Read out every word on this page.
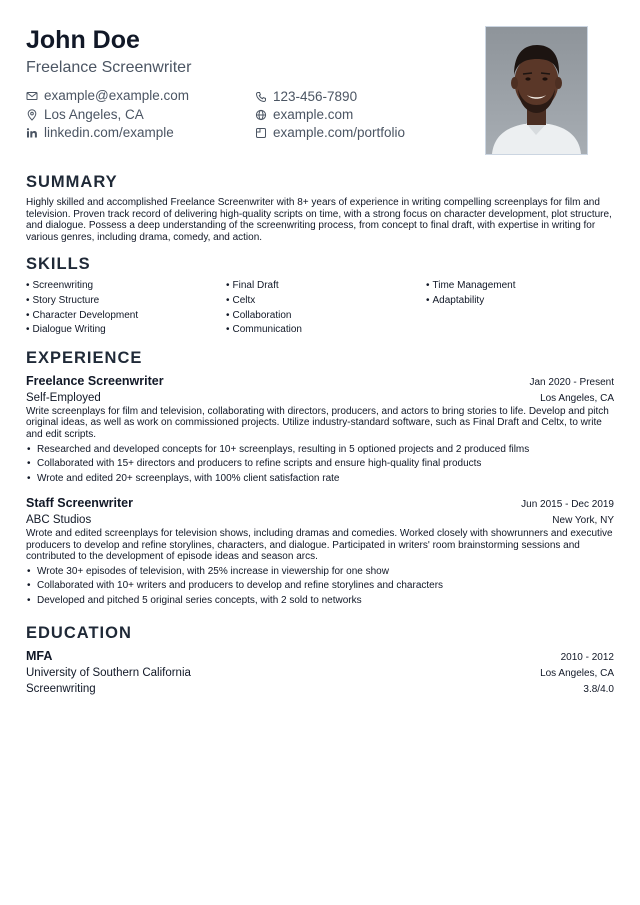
John Doe
Freelance Screenwriter
example@example.com	123-456-7890
Los Angeles, CA	example.com
linkedin.com/example	example.com/portfolio
SUMMARY
Highly skilled and accomplished Freelance Screenwriter with 8+ years of experience in writing compelling screenplays for film and television. Proven track record of delivering high-quality scripts on time, with a strong focus on character development, plot structure, and dialogue. Possess a deep understanding of the screenwriting process, from concept to final draft, with expertise in writing for various genres, including drama, comedy, and action.
SKILLS
• Screenwriting
• Story Structure
• Character Development
• Dialogue Writing
• Final Draft
• Celtx
• Collaboration
• Communication
• Time Management
• Adaptability
EXPERIENCE
Freelance Screenwriter	Jan 2020 - Present
Self-Employed	Los Angeles, CA
Write screenplays for film and television, collaborating with directors, producers, and actors to bring stories to life. Develop and pitch original ideas, as well as work on commissioned projects. Utilize industry-standard software, such as Final Draft and Celtx, to write and edit scripts.
• Researched and developed concepts for 10+ screenplays, resulting in 5 optioned projects and 2 produced films
• Collaborated with 15+ directors and producers to refine scripts and ensure high-quality final products
• Wrote and edited 20+ screenplays, with 100% client satisfaction rate
Staff Screenwriter	Jun 2015 - Dec 2019
ABC Studios	New York, NY
Wrote and edited screenplays for television shows, including dramas and comedies. Worked closely with showrunners and executive producers to develop and refine storylines, characters, and dialogue. Participated in writers' room brainstorming sessions and contributed to the development of episode ideas and season arcs.
• Wrote 30+ episodes of television, with 25% increase in viewership for one show
• Collaborated with 10+ writers and producers to develop and refine storylines and characters
• Developed and pitched 5 original series concepts, with 2 sold to networks
EDUCATION
MFA	2010 - 2012
University of Southern California	Los Angeles, CA
Screenwriting	3.8/4.0
